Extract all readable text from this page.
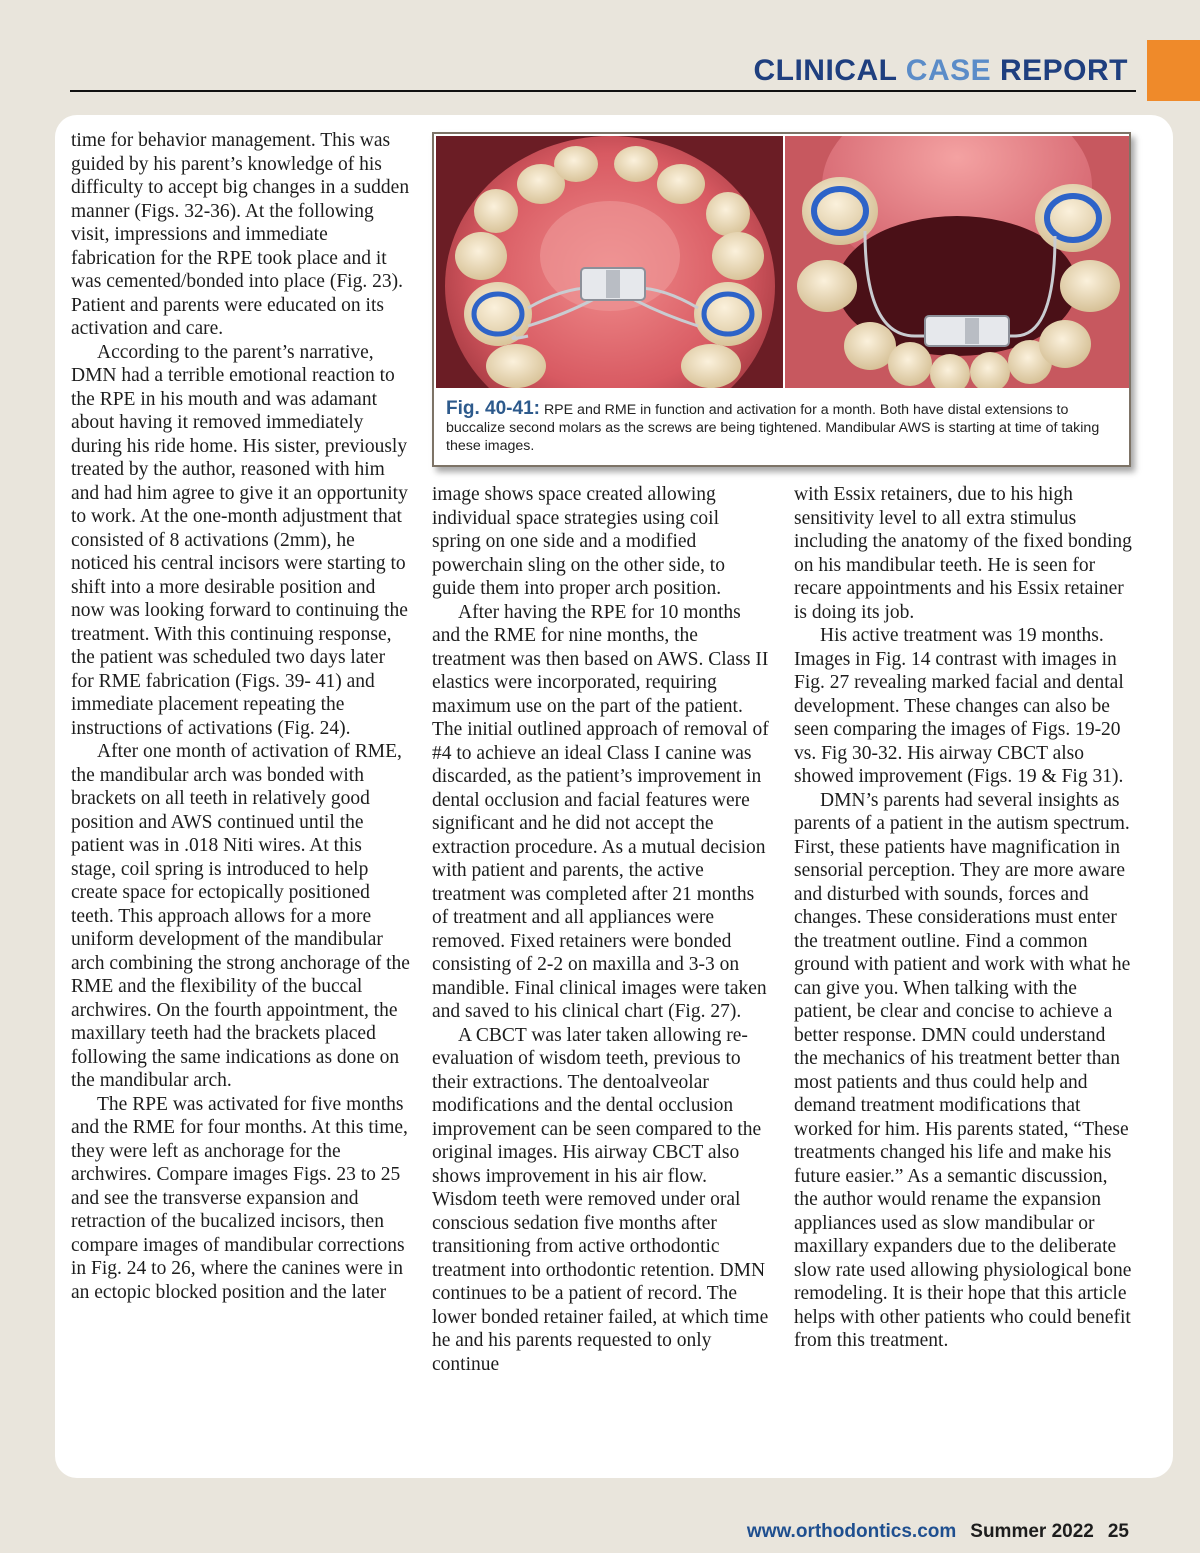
CLINICAL CASE REPORT
Fig. 40-41: RPE and RME in function and activation for a month. Both have distal extensions to buccalize second molars as the screws are being tightened. Mandibular AWS is starting at time of taking these images.

time for behavior management. This was guided by his parent’s knowledge of his difficulty to accept big changes in a sudden manner (Figs. 32-36). At the following visit, impressions and immediate fabrication for the RPE took place and it was cemented/bonded into place (Fig. 23). Patient and parents were educated on its activation and care.

According to the parent’s narrative, DMN had a terrible emotional reaction to the RPE in his mouth and was adamant about having it removed immediately during his ride home. His sister, previously treated by the author, reasoned with him and had him agree to give it an opportunity to work. At the one-month adjustment that consisted of 8 activations (2mm), he noticed his central incisors were starting to shift into a more desirable position and now was looking forward to continuing the treatment. With this continuing response, the patient was scheduled two days later for RME fabrication (Figs. 39- 41) and immediate placement repeating the instructions of activations (Fig. 24).

After one month of activation of RME, the mandibular arch was bonded with brackets on all teeth in relatively good position and AWS continued until the patient was in .018 Niti wires. At this stage, coil spring is introduced to help create space for ectopically positioned teeth. This approach allows for a more uniform development of the mandibular arch combining the strong anchorage of the RME and the flexibility of the buccal archwires. On the fourth appointment, the maxillary teeth had the brackets placed following the same indications as done on the mandibular arch.

The RPE was activated for five months and the RME for four months. At this time, they were left as anchorage for the archwires. Compare images Figs. 23 to 25 and see the transverse expansion and retraction of the bucalized incisors, then compare images of mandibular corrections in Fig. 24 to 26, where the canines were in an ectopic blocked position and the later

image shows space created allowing individual space strategies using coil spring on one side and a modified powerchain sling on the other side, to guide them into proper arch position.

After having the RPE for 10 months and the RME for nine months, the treatment was then based on AWS. Class II elastics were incorporated, requiring maximum use on the part of the patient. The initial outlined approach of removal of #4 to achieve an ideal Class I canine was discarded, as the patient’s improvement in dental occlusion and facial features were significant and he did not accept the extraction procedure. As a mutual decision with patient and parents, the active treatment was completed after 21 months of treatment and all appliances were removed. Fixed retainers were bonded consisting of 2-2 on maxilla and 3-3 on mandible. Final clinical images were taken and saved to his clinical chart (Fig. 27).

A CBCT was later taken allowing re-evaluation of wisdom teeth, previous to their extractions. The dentoalveolar modifications and the dental occlusion improvement can be seen compared to the original images. His airway CBCT also shows improvement in his air flow. Wisdom teeth were removed under oral conscious sedation five months after transitioning from active orthodontic treatment into orthodontic retention. DMN continues to be a patient of record. The lower bonded retainer failed, at which time he and his parents requested to only continue

with Essix retainers, due to his high sensitivity level to all extra stimulus including the anatomy of the fixed bonding on his mandibular teeth. He is seen for recare appointments and his Essix retainer is doing its job.

His active treatment was 19 months. Images in Fig. 14 contrast with images in Fig. 27 revealing marked facial and dental development. These changes can also be seen comparing the images of Figs. 19-20 vs. Fig 30-32. His airway CBCT also showed improvement (Figs. 19 & Fig 31).

DMN’s parents had several insights as parents of a patient in the autism spectrum. First, these patients have magnification in sensorial perception. They are more aware and disturbed with sounds, forces and changes. These considerations must enter the treatment outline. Find a common ground with patient and work with what he can give you. When talking with the patient, be clear and concise to achieve a better response. DMN could understand the mechanics of his treatment better than most patients and thus could help and demand treatment modifications that worked for him. His parents stated, “These treatments changed his life and make his future easier.” As a semantic discussion, the author would rename the expansion appliances used as slow mandibular or maxillary expanders due to the deliberate slow rate used allowing physiological bone remodeling. It is their hope that this article helps with other patients who could benefit from this treatment.

www.orthodontics.com Summer 2022 25
